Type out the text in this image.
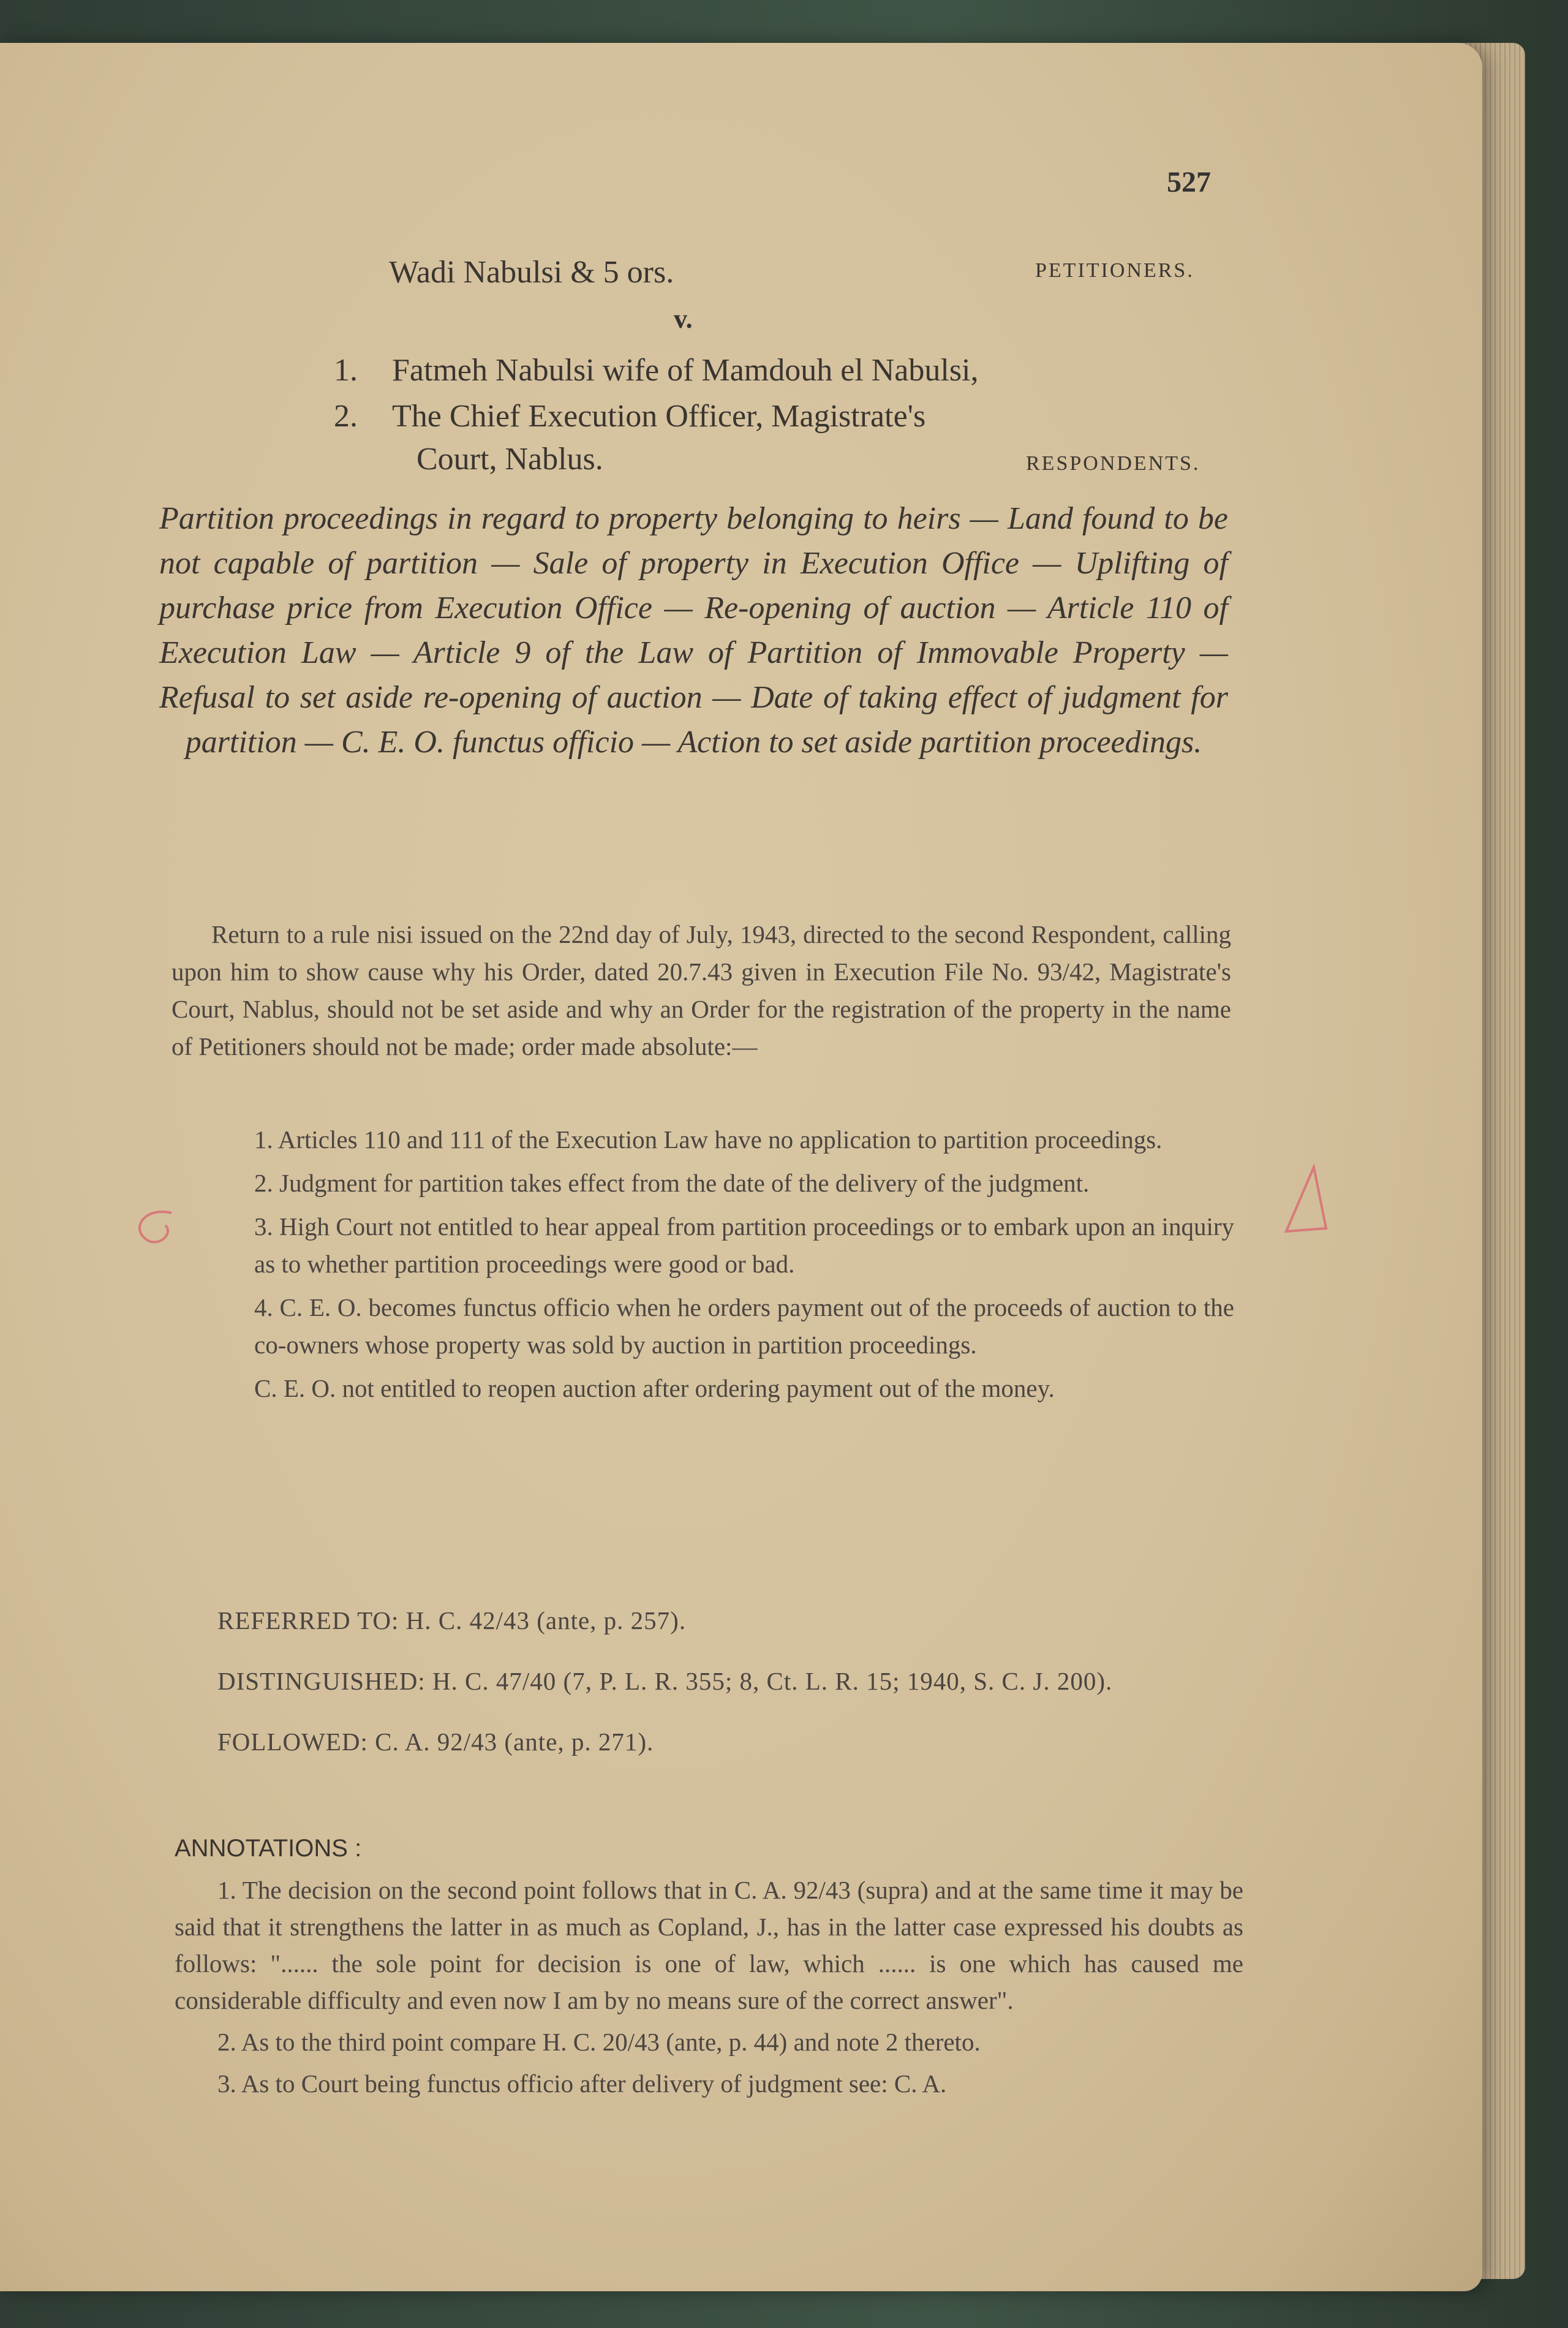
527
Wadi Nabulsi & 5 ors.	PETITIONERS.
v.
1. Fatmeh Nabulsi wife of Mamdouh el Nabulsi,
2. The Chief Execution Officer, Magistrate's
Court, Nablus.	RESPONDENTS.
Partition proceedings in regard to property belonging to heirs — Land found to be not capable of partition — Sale of property in Execution Office — Uplifting of purchase price from Execution Office — Re-opening of auction — Article 110 of Execution Law — Article 9 of the Law of Partition of Immovable Property — Refusal to set aside re-opening of auction — Date of taking effect of judgment for partition — C. E. O. functus officio — Action to set aside partition proceedings.
Return to a rule nisi issued on the 22nd day of July, 1943, directed to the second Respondent, calling upon him to show cause why his Order, dated 20.7.43 given in Execution File No. 93/42, Magistrate's Court, Nablus, should not be set aside and why an Order for the registration of the property in the name of Petitioners should not be made; order made absolute:—
1. Articles 110 and 111 of the Execution Law have no application to partition proceedings.
2. Judgment for partition takes effect from the date of the delivery of the judgment.
3. High Court not entitled to hear appeal from partition proceedings or to embark upon an inquiry as to whether partition proceedings were good or bad.
4. C. E. O. becomes functus officio when he orders payment out of the proceeds of auction to the co-owners whose property was sold by auction in partition proceedings.
C. E. O. not entitled to reopen auction after ordering payment out of the money.
REFERRED TO: H. C. 42/43 (ante, p. 257).
DISTINGUISHED: H. C. 47/40 (7, P. L. R. 355; 8, Ct. L. R. 15; 1940, S. C. J. 200).
FOLLOWED: C. A. 92/43 (ante, p. 271).
ANNOTATIONS :
1. The decision on the second point follows that in C. A. 92/43 (supra) and at the same time it may be said that it strengthens the latter in as much as Copland, J., has in the latter case expressed his doubts as follows: "...... the sole point for decision is one of law, which ...... is one which has caused me considerable difficulty and even now I am by no means sure of the correct answer".
2. As to the third point compare H. C. 20/43 (ante, p. 44) and note 2 thereto.
3. As to Court being functus officio after delivery of judgment see: C. A.
